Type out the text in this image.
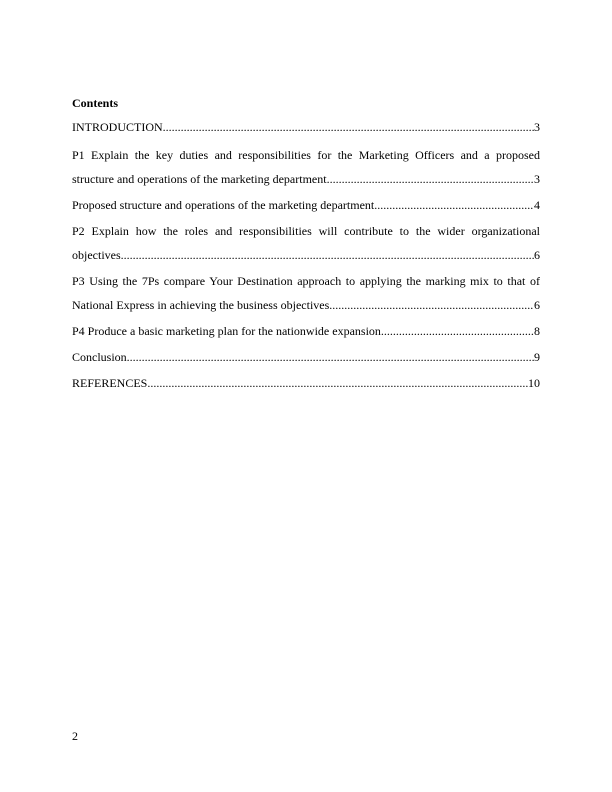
Contents

INTRODUCTION .....	3
P1 Explain the key duties and responsibilities for the Marketing Officers and a proposed
structure and operations of the marketing department .....	3
Proposed structure and operations of the marketing department .....	4
P2 Explain how the roles and responsibilities will contribute to the wider organizational
objectives .....	6
P3 Using the 7Ps compare Your Destination approach to applying the marking mix to that of
National Express in achieving the business objectives .....	6
P4 Produce a basic marketing plan for the nationwide expansion .....	8
Conclusion .....	9
REFERENCES .....	10
2
